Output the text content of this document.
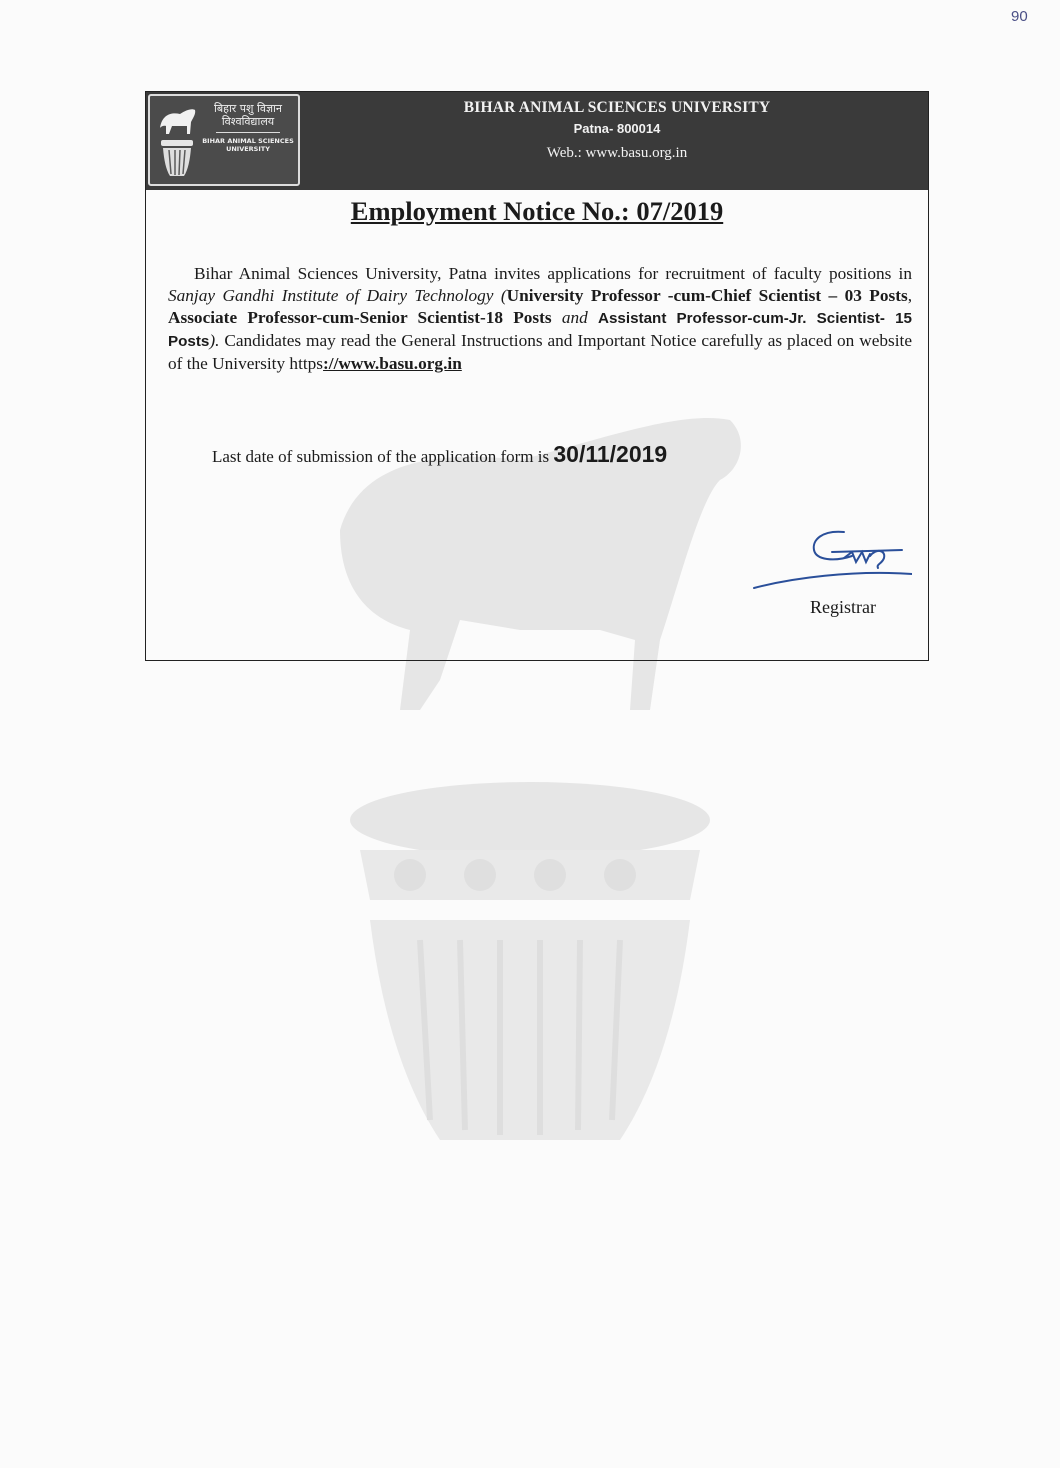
90
बिहार पशु विज्ञान
विश्वविद्यालय
BIHAR ANIMAL SCIENCES UNIVERSITY
BIHAR ANIMAL SCIENCES UNIVERSITY
Patna- 800014
Web.: www.basu.org.in
Employment Notice No.: 07/2019
Bihar Animal Sciences University, Patna invites applications for recruitment of faculty positions in Sanjay Gandhi Institute of Dairy Technology (University Professor -cum-Chief Scientist – 03 Posts, Associate Professor-cum-Senior Scientist-18 Posts and Assistant Professor-cum-Jr. Scientist- 15 Posts). Candidates may read the General Instructions and Important Notice carefully as placed on website of the University https://www.basu.org.in
Last date of submission of the application form is 30/11/2019
Registrar
